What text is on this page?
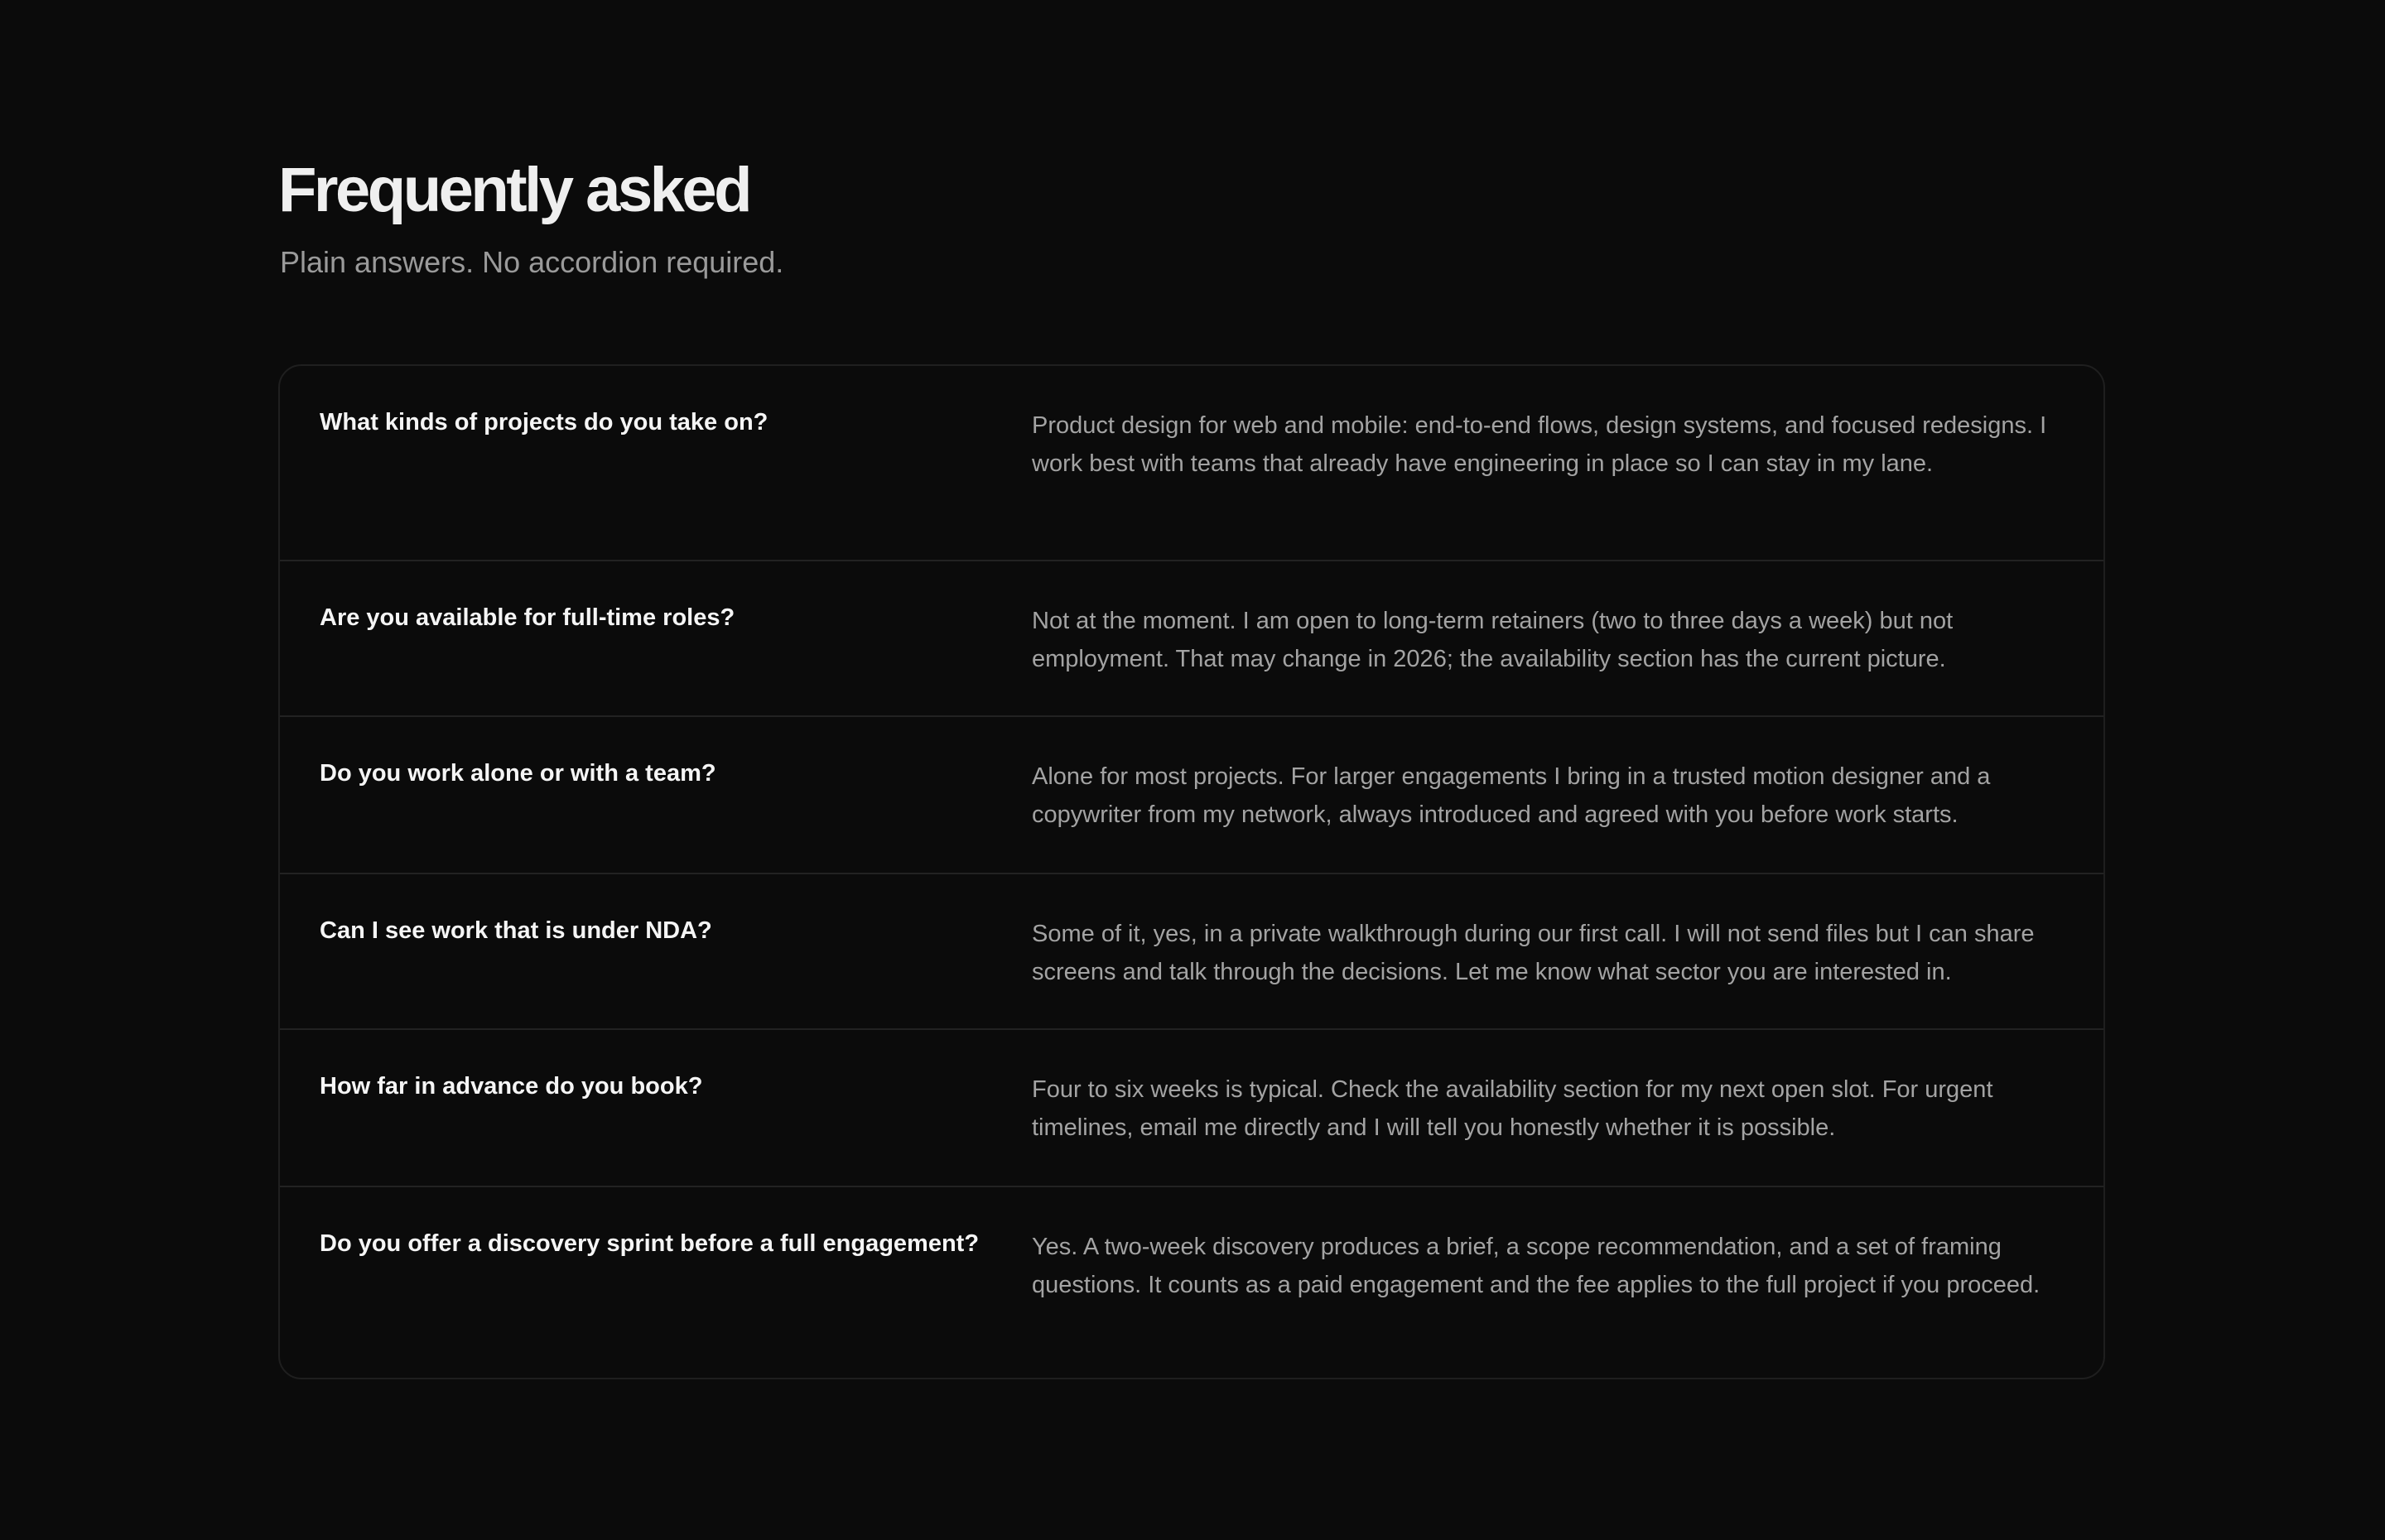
Frequently asked

Plain answers. No accordion required.

What kinds of projects do you take on?	Product design for web and mobile: end-to-end flows, design systems, and focused redesigns. I work best with teams that already have engineering in place so I can stay in my lane.
Are you available for full-time roles?	Not at the moment. I am open to long-term retainers (two to three days a week) but not employment. That may change in 2026; the availability section has the current picture.
Do you work alone or with a team?	Alone for most projects. For larger engagements I bring in a trusted motion designer and a copywriter from my network, always introduced and agreed with you before work starts.
Can I see work that is under NDA?	Some of it, yes, in a private walkthrough during our first call. I will not send files but I can share screens and talk through the decisions. Let me know what sector you are interested in.
How far in advance do you book?	Four to six weeks is typical. Check the availability section for my next open slot. For urgent timelines, email me directly and I will tell you honestly whether it is possible.
Do you offer a discovery sprint before a full engagement?	Yes. A two-week discovery produces a brief, a scope recommendation, and a set of framing questions. It counts as a paid engagement and the fee applies to the full project if you proceed.
